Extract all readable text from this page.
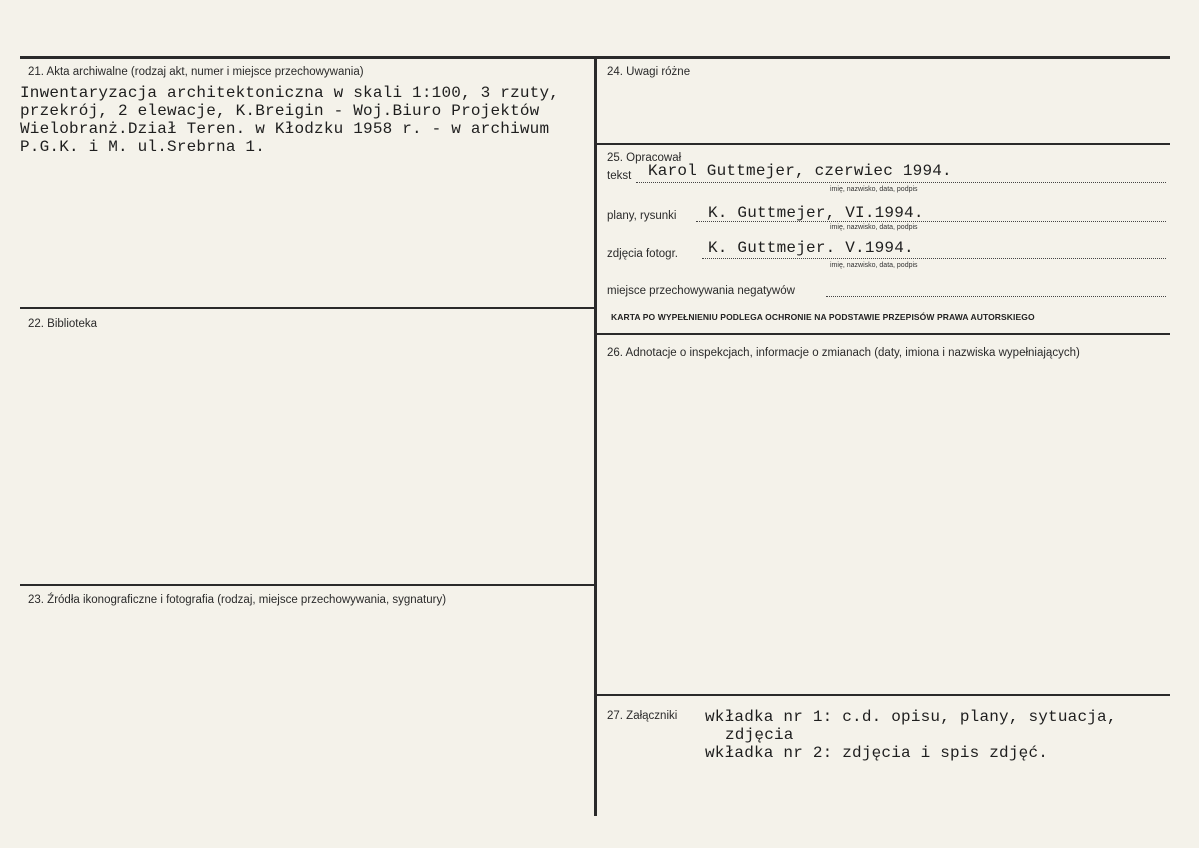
21. Akta archiwalne (rodzaj akt, numer i miejsce przechowywania)
Inwentaryzacja architektoniczna w skali 1:100, 3 rzuty,
przekrój, 2 elewacje, K.Breigin - Woj.Biuro Projektów
Wielobranż.Dział Teren. w Kłodzku 1958 r. - w archiwum
P.G.K. i M. ul.Srebrna 1.
22. Biblioteka
23. Źródła ikonograficzne i fotografia (rodzaj, miejsce przechowywania, sygnatury)
24. Uwagi różne
25. Opracował
tekst Karol Guttmejer, czerwiec 1994.
imię, nazwisko, data, podpis
plany, rysunki K. Guttmejer, VI.1994.
imię, nazwisko, data, podpis
zdjęcia fotogr. K. Guttmejer. V.1994.
imię, nazwisko, data, podpis
miejsce przechowywania negatywów
KARTA PO WYPEŁNIENIU PODLEGA OCHRONIE NA PODSTAWIE PRZEPISÓW PRAWA AUTORSKIEGO
26. Adnotacje o inspekcjach, informacje o zmianach (daty, imiona i nazwiska wypełniających)
27. Załączniki wkładka nr 1: c.d. opisu, plany, sytuacja,
zdjęcia
wkładka nr 2: zdjęcia i spis zdjęć.
